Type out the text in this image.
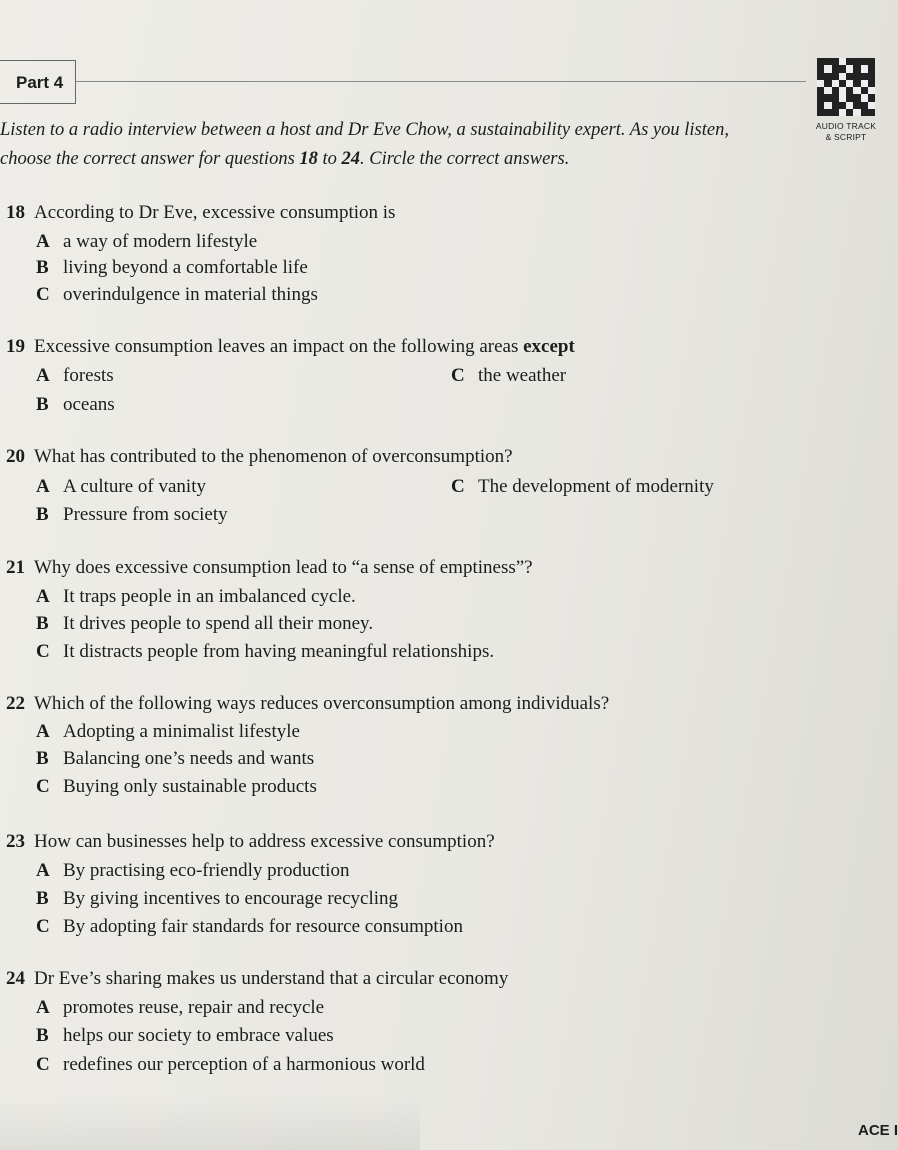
Part 4
AUDIO TRACK
& SCRIPT
Listen to a radio interview between a host and Dr Eve Chow, a sustainability expert. As you listen,
choose the correct answer for questions 18 to 24. Circle the correct answers.
18 According to Dr Eve, excessive consumption is
A a way of modern lifestyle
B living beyond a comfortable life
C overindulgence in material things
19 Excessive consumption leaves an impact on the following areas except
A forests
B oceans
C the weather
20 What has contributed to the phenomenon of overconsumption?
A A culture of vanity
B Pressure from society
C The development of modernity
21 Why does excessive consumption lead to “a sense of emptiness”?
A It traps people in an imbalanced cycle.
B It drives people to spend all their money.
C It distracts people from having meaningful relationships.
22 Which of the following ways reduces overconsumption among individuals?
A Adopting a minimalist lifestyle
B Balancing one’s needs and wants
C Buying only sustainable products
23 How can businesses help to address excessive consumption?
A By practising eco-friendly production
B By giving incentives to encourage recycling
C By adopting fair standards for resource consumption
24 Dr Eve’s sharing makes us understand that a circular economy
A promotes reuse, repair and recycle
B helps our society to embrace values
C redefines our perception of a harmonious world
ACE I
